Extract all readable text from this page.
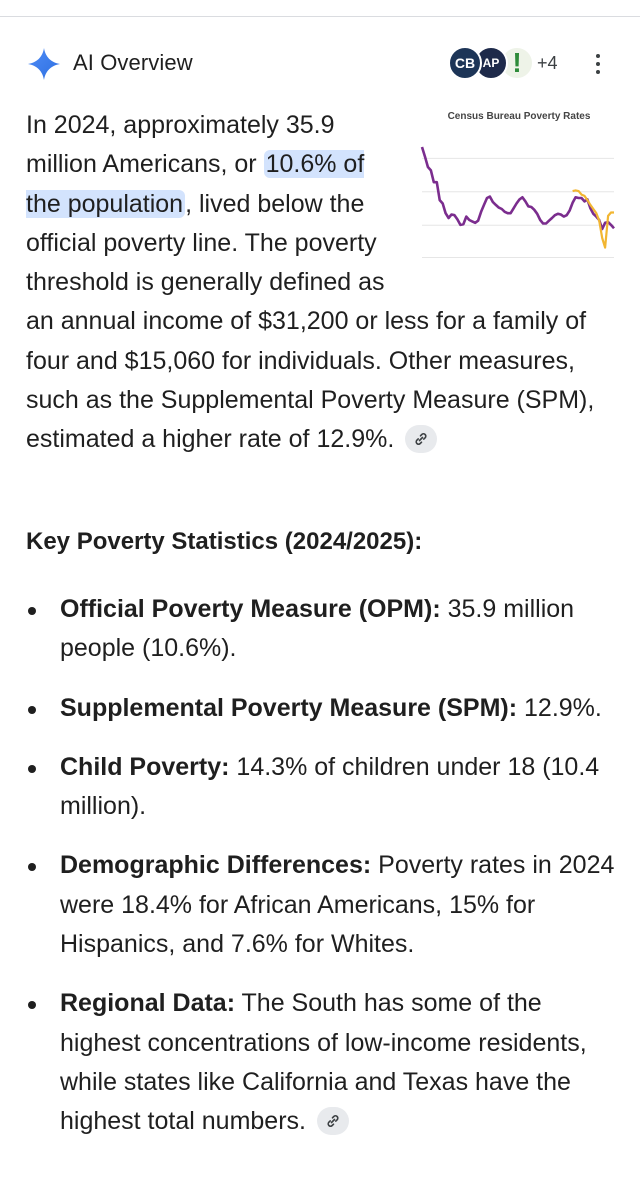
AI Overview	CB AP ! +4
Census Bureau Poverty Rates
In 2024, approximately 35.9 million Americans, or 10.6% of the population, lived below the official poverty line. The poverty threshold is generally defined as an annual income of $31,200 or less for a family of four and $15,060 for individuals. Other measures, such as the Supplemental Poverty Measure (SPM), estimated a higher rate of 12.9%.
Key Poverty Statistics (2024/2025):
Official Poverty Measure (OPM): 35.9 million people (10.6%).
Supplemental Poverty Measure (SPM): 12.9%.
Child Poverty: 14.3% of children under 18 (10.4 million).
Demographic Differences: Poverty rates in 2024 were 18.4% for African Americans, 15% for Hispanics, and 7.6% for Whites.
Regional Data: The South has some of the highest concentrations of low-income residents, while states like California and Texas have the highest total numbers.
